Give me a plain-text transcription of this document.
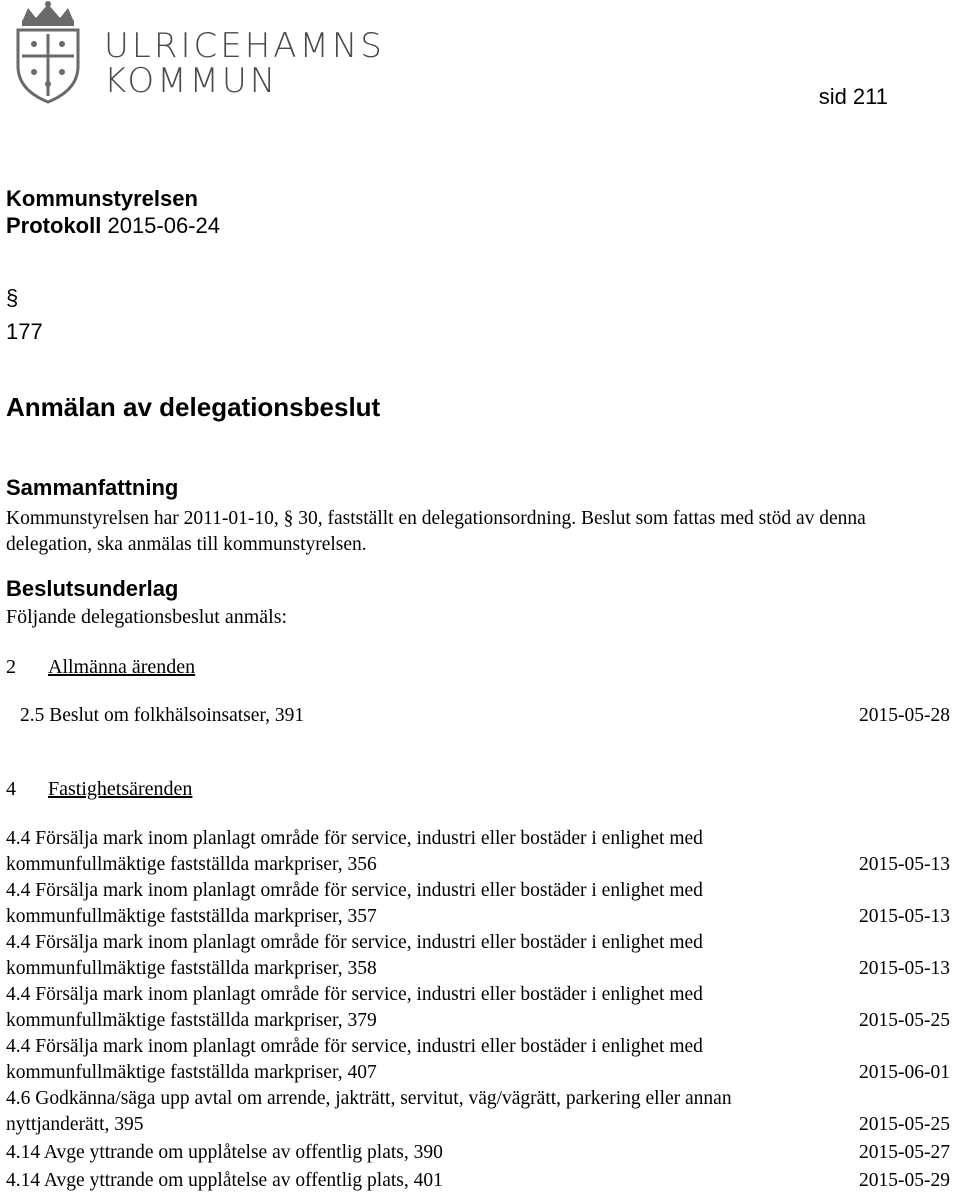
ULRICEHAMNS
KOMMUN	sid 211
Kommunstyrelsen
Protokoll 2015-06-24
§
177
Anmälan av delegationsbeslut
Sammanfattning
Kommunstyrelsen har 2011-01-10, § 30, fastställt en delegationsordning. Beslut som fattas med stöd av denna delegation, ska anmälas till kommunstyrelsen.
Beslutsunderlag
Följande delegationsbeslut anmäls:
2 Allmänna ärenden
2.5 Beslut om folkhälsoinsatser, 391	2015-05-28
4 Fastighetsärenden
4.4 Försälja mark inom planlagt område för service, industri eller bostäder i enlighet med kommunfullmäktige fastställda markpriser, 356	2015-05-13
4.4 Försälja mark inom planlagt område för service, industri eller bostäder i enlighet med kommunfullmäktige fastställda markpriser, 357	2015-05-13
4.4 Försälja mark inom planlagt område för service, industri eller bostäder i enlighet med kommunfullmäktige fastställda markpriser, 358	2015-05-13
4.4 Försälja mark inom planlagt område för service, industri eller bostäder i enlighet med kommunfullmäktige fastställda markpriser, 379	2015-05-25
4.4 Försälja mark inom planlagt område för service, industri eller bostäder i enlighet med kommunfullmäktige fastställda markpriser, 407	2015-06-01
4.6 Godkänna/säga upp avtal om arrende, jakträtt, servitut, väg/vägrätt, parkering eller annan nyttjanderätt, 395	2015-05-25
4.14 Avge yttrande om upplåtelse av offentlig plats, 390	2015-05-27
4.14 Avge yttrande om upplåtelse av offentlig plats, 401	2015-05-29
